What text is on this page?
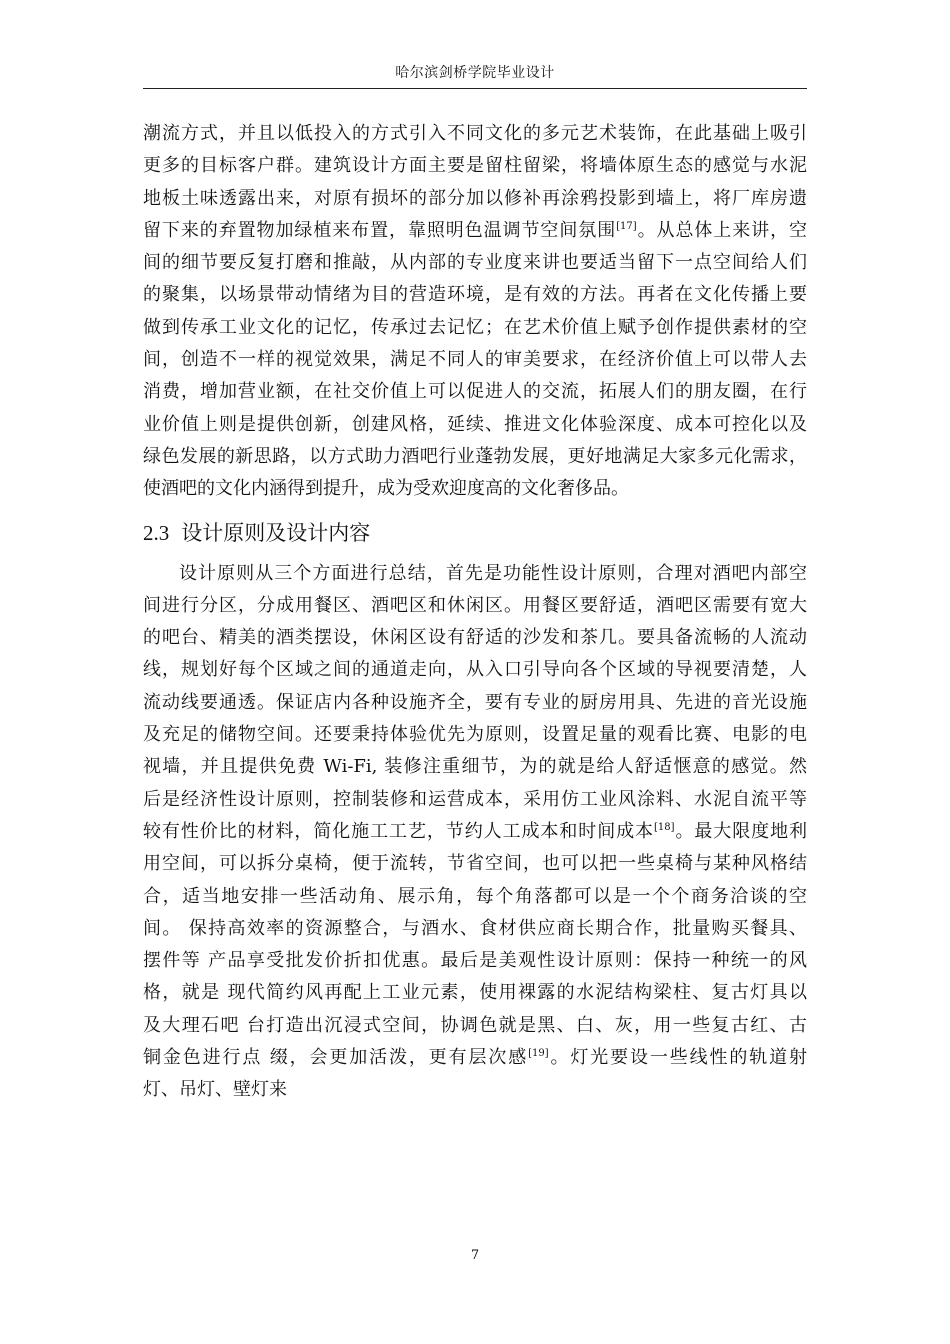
哈尔滨剑桥学院毕业设计

潮流方式，并且以低投入的方式引入不同文化的多元艺术装饰，在此基础上吸引
更多的目标客户群。建筑设计方面主要是留柱留梁，将墙体原生态的感觉与水泥
地板土味透露出来，对原有损坏的部分加以修补再涂鸦投影到墙上，将厂库房遗
留下来的弃置物加绿植来布置，靠照明色温调节空间氛围[17]。从总体上来讲，空
间的细节要反复打磨和推敲，从内部的专业度来讲也要适当留下一点空间给人们
的聚集，以场景带动情绪为目的营造环境，是有效的方法。再者在文化传播上要
做到传承工业文化的记忆，传承过去记忆；在艺术价值上赋予创作提供素材的空
间，创造不一样的视觉效果，满足不同人的审美要求，在经济价值上可以带人去
消费，增加营业额，在社交价值上可以促进人的交流，拓展人们的朋友圈，在行
业价值上则是提供创新，创建风格，延续、推进文化体验深度、成本可控化以及
绿色发展的新思路，以方式助力酒吧行业蓬勃发展，更好地满足大家多元化需求，
使酒吧的文化内涵得到提升，成为受欢迎度高的文化奢侈品。

2.3 设计原则及设计内容

设计原则从三个方面进行总结，首先是功能性设计原则，合理对酒吧内部空
间进行分区，分成用餐区、酒吧区和休闲区。用餐区要舒适，酒吧区需要有宽大
的吧台、精美的酒类摆设，休闲区设有舒适的沙发和茶几。要具备流畅的人流动
线，规划好每个区域之间的通道走向，从入口引导向各个区域的导视要清楚，人
流动线要通透。保证店内各种设施齐全，要有专业的厨房用具、先进的音光设施
及充足的储物空间。还要秉持体验优先为原则，设置足量的观看比赛、电影的电
视墙，并且提供免费 Wi-Fi, 装修注重细节，为的就是给人舒适惬意的感觉。然
后是经济性设计原则，控制装修和运营成本，采用仿工业风涂料、水泥自流平等
较有性价比的材料，简化施工工艺，节约人工成本和时间成本[18]。最大限度地利
用空间，可以拆分桌椅，便于流转，节省空间，也可以把一些桌椅与某种风格结
合，适当地安排一些活动角、展示角，每个角落都可以是一个个商务洽谈的空
间。 保持高效率的资源整合，与酒水、食材供应商长期合作，批量购买餐具、
摆件等 产品享受批发价折扣优惠。最后是美观性设计原则：保持一种统一的风
格，就是 现代简约风再配上工业元素，使用裸露的水泥结构梁柱、复古灯具以
及大理石吧 台打造出沉浸式空间，协调色就是黑、白、灰，用一些复古红、古
铜金色进行点 缀，会更加活泼，更有层次感[19]。灯光要设一些线性的轨道射
灯、吊灯、壁灯来

7
